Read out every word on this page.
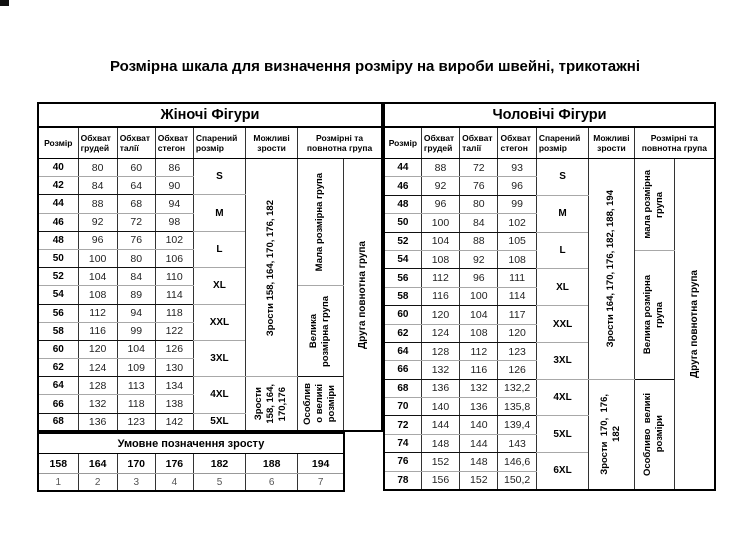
Розмірна шкала для визначення розміру на вироби швейні, трикотажні
Жіночі Фігури							
Розмір	Обхват грудей	Обхват талії	Обхват стегон	Спарений розмір	Можливі зрости	Розмірні та повнотна група	
40	80	60	86	S	Зрости 158, 164, 170, 176, 182	Мала розмірна група	Друга повнотна група

42	84	64	90				
44	88	68	94	M			
46	92	72	98				
48	96	76	102	L			
50	100	80	106				
52	104	84	110	XL			
54	108	89	114			Велика розмірна група	

56	112	94	118	XXL			
58	116	99	122				
60	120	104	126	3XL			
62	124	109	130				
64	128	113	134	4XL	Зрости 158, 164, 170,176	Особлив о великі розміри	

66	132	118	138				
68	136	123	142	5XL			
Чоловічі Фігури							
Розмір	Обхват грудей	Обхват талії	Обхват стегон	Спарений розмір	Можливі зрости	Розмірні та повнотна група	
44	88	72	93	S	Зрости 164, 170, 176, 182, 188, 194	мала розмірна група	Друга повнотна група

46	92	76	96				
48	96	80	99	M			
50	100	84	102				
52	104	88	105	L			
54	108	92	108			Велика розмірна група	

56	112	96	111	XL			
58	116	100	114				
60	120	104	117	XXL			
62	124	108	120				
64	128	112	123	3XL			
66	132	116	126				
68	136	132	132,2	4XL	Зрости  170,  176, 182	Особливо  великі розміри	

70	140	136	135,8				
72	144	140	139,4	5XL			
74	148	144	143				
76	152	148	146,6	6XL			
78	156	152	150,2				
Умовне позначення зросту						
158	164	170	176	182	188	194
1	2	3	4	5	6	7
